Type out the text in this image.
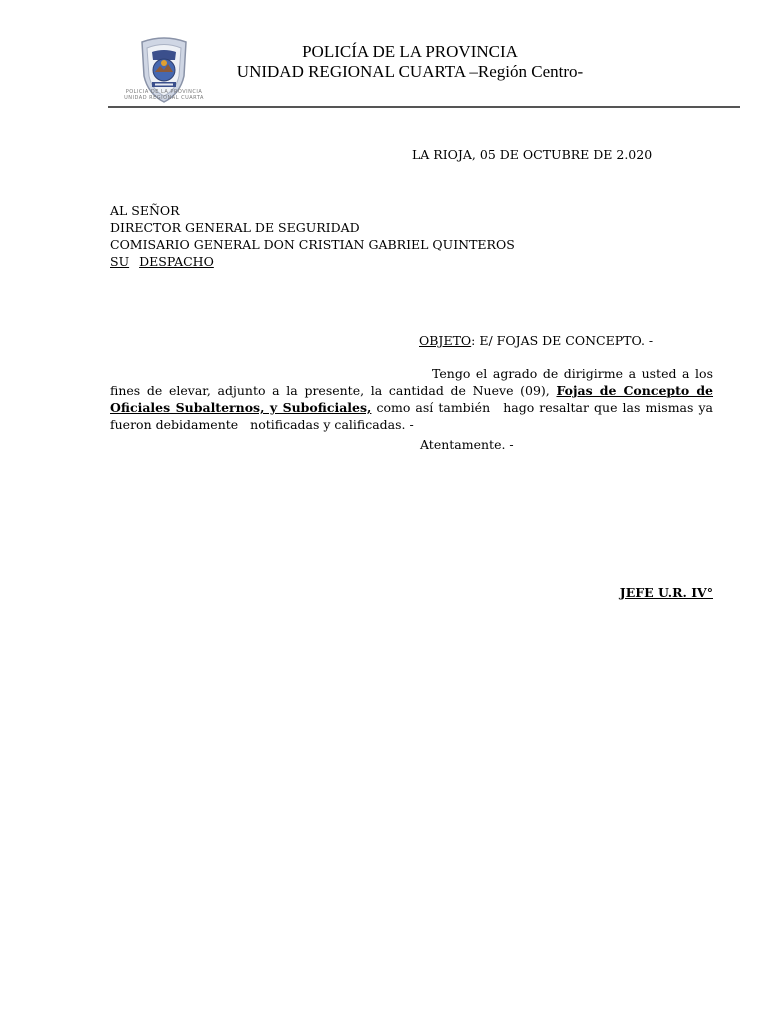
POLICIA DE LA PROVINCIA
UNIDAD REGIONAL CUARTA
POLICÍA DE LA PROVINCIA
UNIDAD REGIONAL CUARTA –Región Centro-
LA RIOJA, 05 DE OCTUBRE DE 2.020
AL SEÑOR
DIRECTOR GENERAL DE SEGURIDAD
COMISARIO GENERAL DON CRISTIAN GABRIEL QUINTEROS
SU DESPACHO
OBJETO: E/ FOJAS DE CONCEPTO. -
Tengo el agrado de dirigirme a usted a los fines de elevar, adjunto a la presente, la cantidad de Nueve (09), Fojas de Concepto de Oficiales Subalternos, y Suboficiales, como así también hago resaltar que las mismas ya fueron debidamente notificadas y calificadas. -
Atentamente. -
JEFE U.R. IV°
